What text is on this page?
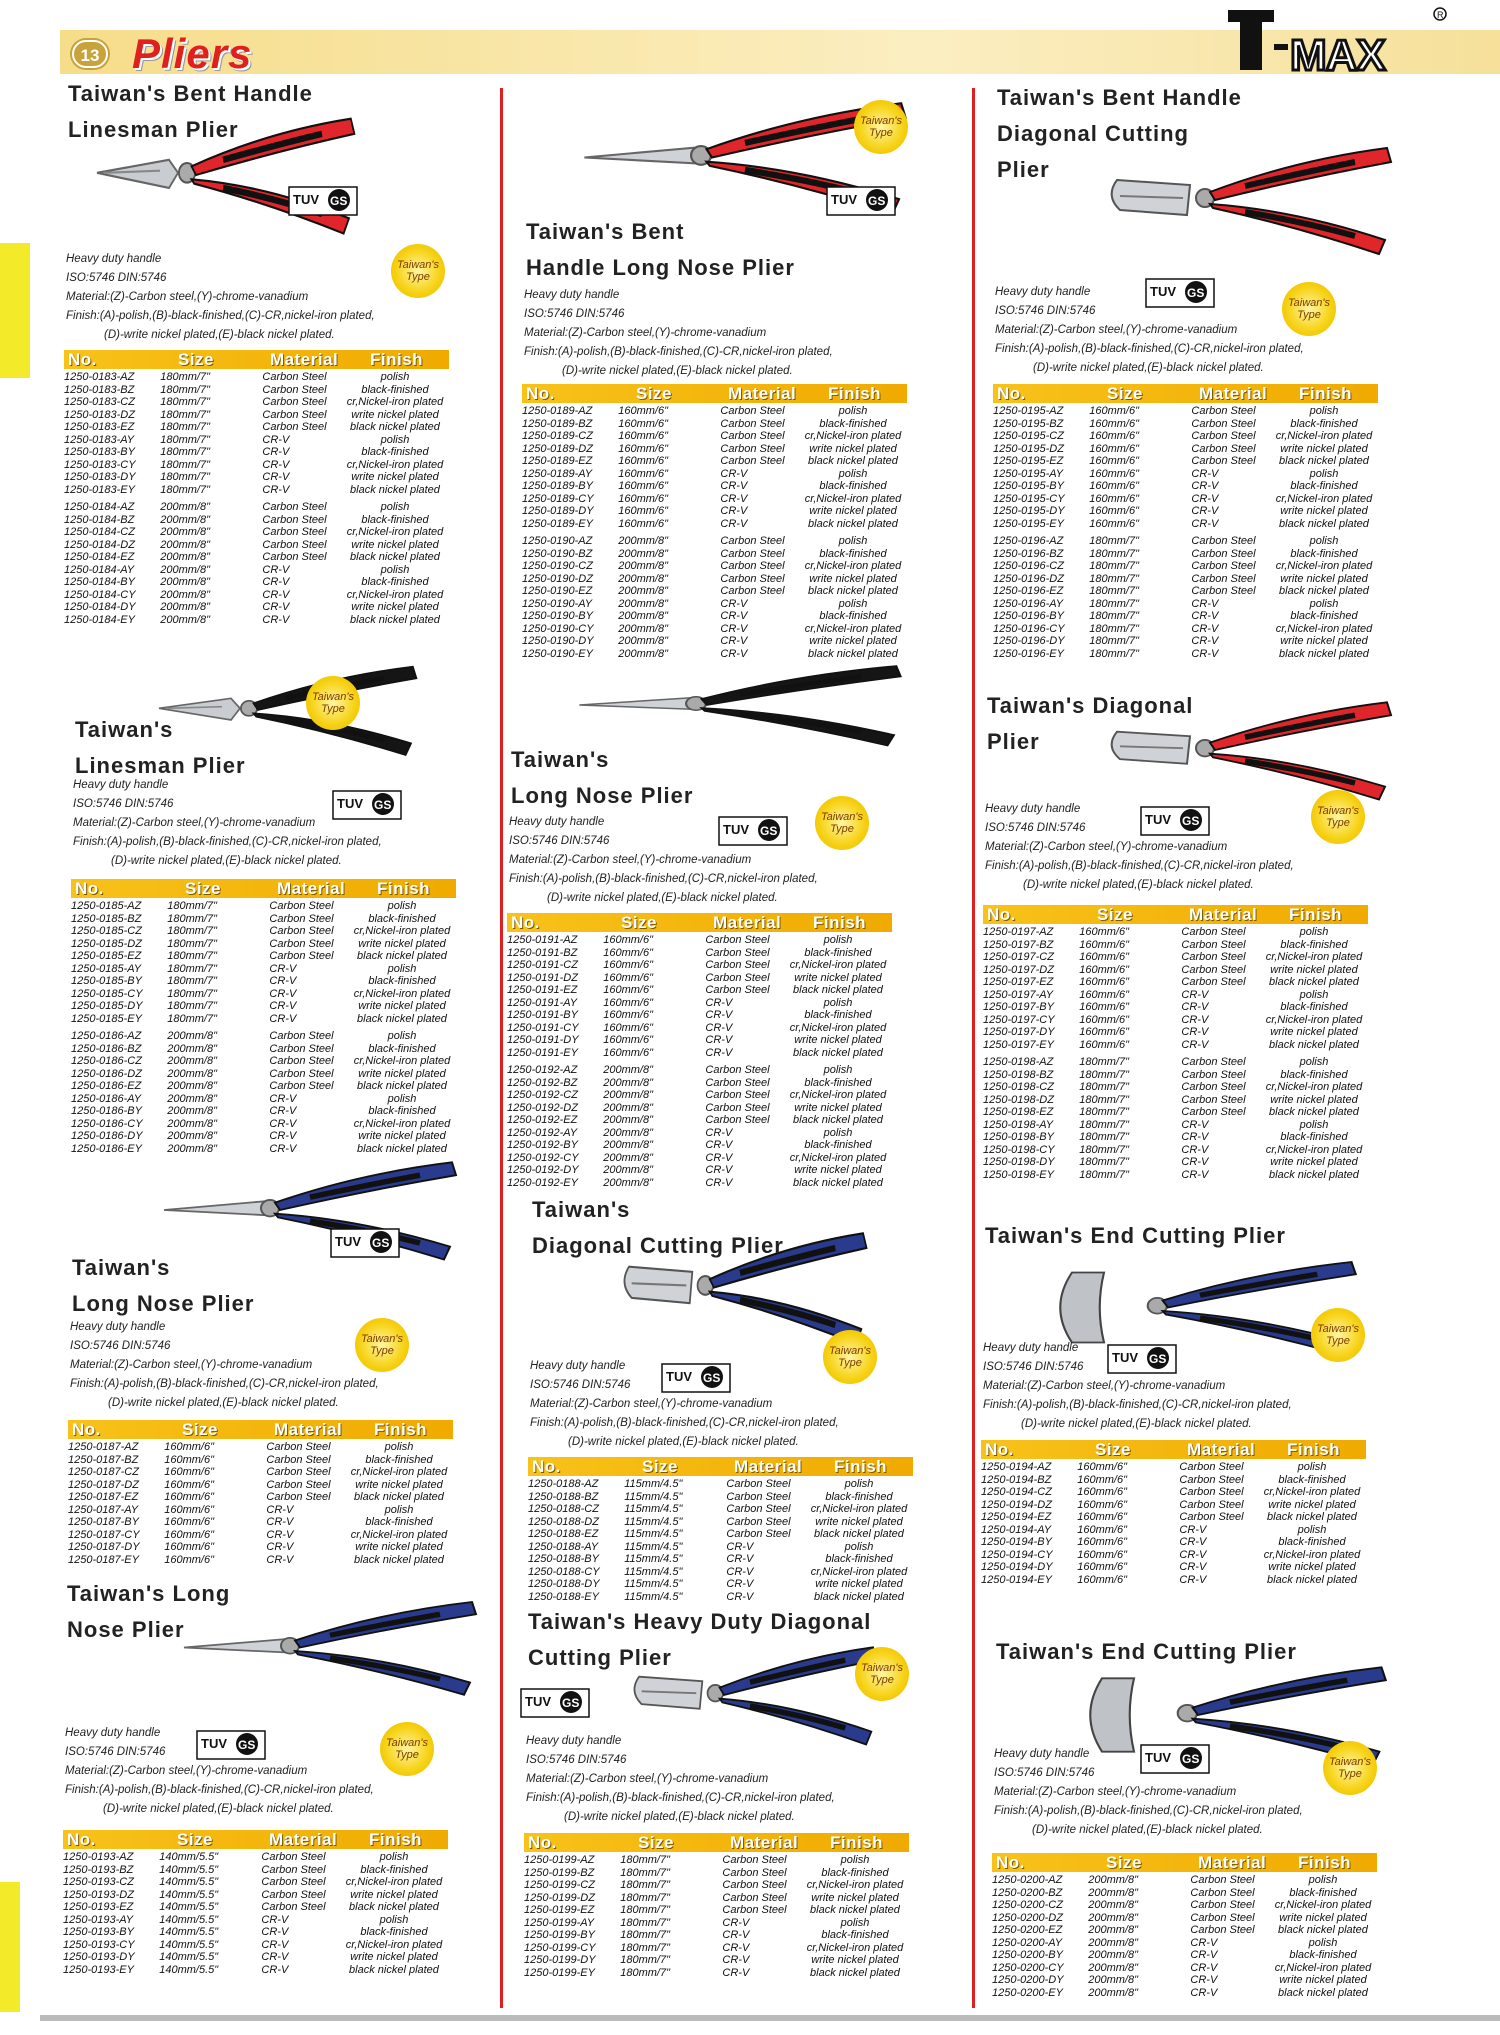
13 Pliers	MAX
R
TUV GS
Taiwan's Type
Taiwan's Bent Handle
Linesman Plier
Heavy duty handle
ISO:5746 DIN:5746
Material:(Z)-Carbon steel,(Y)-chrome-vanadium
Finish:(A)-polish,(B)-black-finished,(C)-CR,nickel-iron plated,
(D)-write nickel plated,(E)-black nickel plated.
No.	Size	Material	Finish
1250-0183-AZ	180mm/7"	Carbon Steel	polish
1250-0183-BZ	180mm/7"	Carbon Steel	black-finished
1250-0183-CZ	180mm/7"	Carbon Steel	cr,Nickel-iron plated
1250-0183-DZ	180mm/7"	Carbon Steel	write nickel plated
1250-0183-EZ	180mm/7"	Carbon Steel	black nickel plated
1250-0183-AY	180mm/7"	CR-V	polish
1250-0183-BY	180mm/7"	CR-V	black-finished
1250-0183-CY	180mm/7"	CR-V	cr,Nickel-iron plated
1250-0183-DY	180mm/7"	CR-V	write nickel plated
1250-0183-EY	180mm/7"	CR-V	black nickel plated
1250-0184-AZ	200mm/8"	Carbon Steel	polish
1250-0184-BZ	200mm/8"	Carbon Steel	black-finished
1250-0184-CZ	200mm/8"	Carbon Steel	cr,Nickel-iron plated
1250-0184-DZ	200mm/8"	Carbon Steel	write nickel plated
1250-0184-EZ	200mm/8"	Carbon Steel	black nickel plated
1250-0184-AY	200mm/8"	CR-V	polish
1250-0184-BY	200mm/8"	CR-V	black-finished
1250-0184-CY	200mm/8"	CR-V	cr,Nickel-iron plated
1250-0184-DY	200mm/8"	CR-V	write nickel plated
1250-0184-EY	200mm/8"	CR-V	black nickel plated
TUV GS
Taiwan's Type
Taiwan's Bent
Handle Long Nose Plier
Heavy duty handle
ISO:5746 DIN:5746
Material:(Z)-Carbon steel,(Y)-chrome-vanadium
Finish:(A)-polish,(B)-black-finished,(C)-CR,nickel-iron plated,
(D)-write nickel plated,(E)-black nickel plated.
No.	Size	Material	Finish
1250-0189-AZ	160mm/6"	Carbon Steel	polish
1250-0189-BZ	160mm/6"	Carbon Steel	black-finished
1250-0189-CZ	160mm/6"	Carbon Steel	cr,Nickel-iron plated
1250-0189-DZ	160mm/6"	Carbon Steel	write nickel plated
1250-0189-EZ	160mm/6"	Carbon Steel	black nickel plated
1250-0189-AY	160mm/6"	CR-V	polish
1250-0189-BY	160mm/6"	CR-V	black-finished
1250-0189-CY	160mm/6"	CR-V	cr,Nickel-iron plated
1250-0189-DY	160mm/6"	CR-V	write nickel plated
1250-0189-EY	160mm/6"	CR-V	black nickel plated
1250-0190-AZ	200mm/8"	Carbon Steel	polish
1250-0190-BZ	200mm/8"	Carbon Steel	black-finished
1250-0190-CZ	200mm/8"	Carbon Steel	cr,Nickel-iron plated
1250-0190-DZ	200mm/8"	Carbon Steel	write nickel plated
1250-0190-EZ	200mm/8"	Carbon Steel	black nickel plated
1250-0190-AY	200mm/8"	CR-V	polish
1250-0190-BY	200mm/8"	CR-V	black-finished
1250-0190-CY	200mm/8"	CR-V	cr,Nickel-iron plated
1250-0190-DY	200mm/8"	CR-V	write nickel plated
1250-0190-EY	200mm/8"	CR-V	black nickel plated
TUV GS
Taiwan's Type
Taiwan's Bent Handle
Diagonal Cutting
Plier
Heavy duty handle
ISO:5746 DIN:5746
Material:(Z)-Carbon steel,(Y)-chrome-vanadium
Finish:(A)-polish,(B)-black-finished,(C)-CR,nickel-iron plated,
(D)-write nickel plated,(E)-black nickel plated.
No.	Size	Material	Finish
1250-0195-AZ	160mm/6"	Carbon Steel	polish
1250-0195-BZ	160mm/6"	Carbon Steel	black-finished
1250-0195-CZ	160mm/6"	Carbon Steel	cr,Nickel-iron plated
1250-0195-DZ	160mm/6"	Carbon Steel	write nickel plated
1250-0195-EZ	160mm/6"	Carbon Steel	black nickel plated
1250-0195-AY	160mm/6"	CR-V	polish
1250-0195-BY	160mm/6"	CR-V	black-finished
1250-0195-CY	160mm/6"	CR-V	cr,Nickel-iron plated
1250-0195-DY	160mm/6"	CR-V	write nickel plated
1250-0195-EY	160mm/6"	CR-V	black nickel plated
1250-0196-AZ	180mm/7"	Carbon Steel	polish
1250-0196-BZ	180mm/7"	Carbon Steel	black-finished
1250-0196-CZ	180mm/7"	Carbon Steel	cr,Nickel-iron plated
1250-0196-DZ	180mm/7"	Carbon Steel	write nickel plated
1250-0196-EZ	180mm/7"	Carbon Steel	black nickel plated
1250-0196-AY	180mm/7"	CR-V	polish
1250-0196-BY	180mm/7"	CR-V	black-finished
1250-0196-CY	180mm/7"	CR-V	cr,Nickel-iron plated
1250-0196-DY	180mm/7"	CR-V	write nickel plated
1250-0196-EY	180mm/7"	CR-V	black nickel plated
TUV GS
Taiwan's Type
Taiwan's
Linesman Plier
Heavy duty handle
ISO:5746 DIN:5746
Material:(Z)-Carbon steel,(Y)-chrome-vanadium
Finish:(A)-polish,(B)-black-finished,(C)-CR,nickel-iron plated,
(D)-write nickel plated,(E)-black nickel plated.
No.	Size	Material	Finish
1250-0185-AZ	180mm/7"	Carbon Steel	polish
1250-0185-BZ	180mm/7"	Carbon Steel	black-finished
1250-0185-CZ	180mm/7"	Carbon Steel	cr,Nickel-iron plated
1250-0185-DZ	180mm/7"	Carbon Steel	write nickel plated
1250-0185-EZ	180mm/7"	Carbon Steel	black nickel plated
1250-0185-AY	180mm/7"	CR-V	polish
1250-0185-BY	180mm/7"	CR-V	black-finished
1250-0185-CY	180mm/7"	CR-V	cr,Nickel-iron plated
1250-0185-DY	180mm/7"	CR-V	write nickel plated
1250-0185-EY	180mm/7"	CR-V	black nickel plated
1250-0186-AZ	200mm/8"	Carbon Steel	polish
1250-0186-BZ	200mm/8"	Carbon Steel	black-finished
1250-0186-CZ	200mm/8"	Carbon Steel	cr,Nickel-iron plated
1250-0186-DZ	200mm/8"	Carbon Steel	write nickel plated
1250-0186-EZ	200mm/8"	Carbon Steel	black nickel plated
1250-0186-AY	200mm/8"	CR-V	polish
1250-0186-BY	200mm/8"	CR-V	black-finished
1250-0186-CY	200mm/8"	CR-V	cr,Nickel-iron plated
1250-0186-DY	200mm/8"	CR-V	write nickel plated
1250-0186-EY	200mm/8"	CR-V	black nickel plated
TUV GS
Taiwan's Type
Taiwan's
Long Nose Plier
Heavy duty handle
ISO:5746 DIN:5746
Material:(Z)-Carbon steel,(Y)-chrome-vanadium
Finish:(A)-polish,(B)-black-finished,(C)-CR,nickel-iron plated,
(D)-write nickel plated,(E)-black nickel plated.
No.	Size	Material	Finish
1250-0191-AZ	160mm/6"	Carbon Steel	polish
1250-0191-BZ	160mm/6"	Carbon Steel	black-finished
1250-0191-CZ	160mm/6"	Carbon Steel	cr,Nickel-iron plated
1250-0191-DZ	160mm/6"	Carbon Steel	write nickel plated
1250-0191-EZ	160mm/6"	Carbon Steel	black nickel plated
1250-0191-AY	160mm/6"	CR-V	polish
1250-0191-BY	160mm/6"	CR-V	black-finished
1250-0191-CY	160mm/6"	CR-V	cr,Nickel-iron plated
1250-0191-DY	160mm/6"	CR-V	write nickel plated
1250-0191-EY	160mm/6"	CR-V	black nickel plated
1250-0192-AZ	200mm/8"	Carbon Steel	polish
1250-0192-BZ	200mm/8"	Carbon Steel	black-finished
1250-0192-CZ	200mm/8"	Carbon Steel	cr,Nickel-iron plated
1250-0192-DZ	200mm/8"	Carbon Steel	write nickel plated
1250-0192-EZ	200mm/8"	Carbon Steel	black nickel plated
1250-0192-AY	200mm/8"	CR-V	polish
1250-0192-BY	200mm/8"	CR-V	black-finished
1250-0192-CY	200mm/8"	CR-V	cr,Nickel-iron plated
1250-0192-DY	200mm/8"	CR-V	write nickel plated
1250-0192-EY	200mm/8"	CR-V	black nickel plated
TUV GS
Taiwan's Type
Taiwan's Diagonal
Plier
Heavy duty handle
ISO:5746 DIN:5746
Material:(Z)-Carbon steel,(Y)-chrome-vanadium
Finish:(A)-polish,(B)-black-finished,(C)-CR,nickel-iron plated,
(D)-write nickel plated,(E)-black nickel plated.
No.	Size	Material	Finish
1250-0197-AZ	160mm/6"	Carbon Steel	polish
1250-0197-BZ	160mm/6"	Carbon Steel	black-finished
1250-0197-CZ	160mm/6"	Carbon Steel	cr,Nickel-iron plated
1250-0197-DZ	160mm/6"	Carbon Steel	write nickel plated
1250-0197-EZ	160mm/6"	Carbon Steel	black nickel plated
1250-0197-AY	160mm/6"	CR-V	polish
1250-0197-BY	160mm/6"	CR-V	black-finished
1250-0197-CY	160mm/6"	CR-V	cr,Nickel-iron plated
1250-0197-DY	160mm/6"	CR-V	write nickel plated
1250-0197-EY	160mm/6"	CR-V	black nickel plated
1250-0198-AZ	180mm/7"	Carbon Steel	polish
1250-0198-BZ	180mm/7"	Carbon Steel	black-finished
1250-0198-CZ	180mm/7"	Carbon Steel	cr,Nickel-iron plated
1250-0198-DZ	180mm/7"	Carbon Steel	write nickel plated
1250-0198-EZ	180mm/7"	Carbon Steel	black nickel plated
1250-0198-AY	180mm/7"	CR-V	polish
1250-0198-BY	180mm/7"	CR-V	black-finished
1250-0198-CY	180mm/7"	CR-V	cr,Nickel-iron plated
1250-0198-DY	180mm/7"	CR-V	write nickel plated
1250-0198-EY	180mm/7"	CR-V	black nickel plated
TUV GS
Taiwan's Type
Taiwan's
Long Nose Plier
Heavy duty handle
ISO:5746 DIN:5746
Material:(Z)-Carbon steel,(Y)-chrome-vanadium
Finish:(A)-polish,(B)-black-finished,(C)-CR,nickel-iron plated,
(D)-write nickel plated,(E)-black nickel plated.
No.	Size	Material	Finish
1250-0187-AZ	160mm/6"	Carbon Steel	polish
1250-0187-BZ	160mm/6"	Carbon Steel	black-finished
1250-0187-CZ	160mm/6"	Carbon Steel	cr,Nickel-iron plated
1250-0187-DZ	160mm/6"	Carbon Steel	write nickel plated
1250-0187-EZ	160mm/6"	Carbon Steel	black nickel plated
1250-0187-AY	160mm/6"	CR-V	polish
1250-0187-BY	160mm/6"	CR-V	black-finished
1250-0187-CY	160mm/6"	CR-V	cr,Nickel-iron plated
1250-0187-DY	160mm/6"	CR-V	write nickel plated
1250-0187-EY	160mm/6"	CR-V	black nickel plated
TUV GS
Taiwan's Type
Taiwan's
Diagonal Cutting Plier
Heavy duty handle
ISO:5746 DIN:5746
Material:(Z)-Carbon steel,(Y)-chrome-vanadium
Finish:(A)-polish,(B)-black-finished,(C)-CR,nickel-iron plated,
(D)-write nickel plated,(E)-black nickel plated.
No.	Size	Material	Finish
1250-0188-AZ	115mm/4.5"	Carbon Steel	polish
1250-0188-BZ	115mm/4.5"	Carbon Steel	black-finished
1250-0188-CZ	115mm/4.5"	Carbon Steel	cr,Nickel-iron plated
1250-0188-DZ	115mm/4.5"	Carbon Steel	write nickel plated
1250-0188-EZ	115mm/4.5"	Carbon Steel	black nickel plated
1250-0188-AY	115mm/4.5"	CR-V	polish
1250-0188-BY	115mm/4.5"	CR-V	black-finished
1250-0188-CY	115mm/4.5"	CR-V	cr,Nickel-iron plated
1250-0188-DY	115mm/4.5"	CR-V	write nickel plated
1250-0188-EY	115mm/4.5"	CR-V	black nickel plated
TUV GS
Taiwan's Type
Taiwan's End Cutting Plier
Heavy duty handle
ISO:5746 DIN:5746
Material:(Z)-Carbon steel,(Y)-chrome-vanadium
Finish:(A)-polish,(B)-black-finished,(C)-CR,nickel-iron plated,
(D)-write nickel plated,(E)-black nickel plated.
No.	Size	Material	Finish
1250-0194-AZ	160mm/6"	Carbon Steel	polish
1250-0194-BZ	160mm/6"	Carbon Steel	black-finished
1250-0194-CZ	160mm/6"	Carbon Steel	cr,Nickel-iron plated
1250-0194-DZ	160mm/6"	Carbon Steel	write nickel plated
1250-0194-EZ	160mm/6"	Carbon Steel	black nickel plated
1250-0194-AY	160mm/6"	CR-V	polish
1250-0194-BY	160mm/6"	CR-V	black-finished
1250-0194-CY	160mm/6"	CR-V	cr,Nickel-iron plated
1250-0194-DY	160mm/6"	CR-V	write nickel plated
1250-0194-EY	160mm/6"	CR-V	black nickel plated
TUV GS	Taiwan's Type
Taiwan's Long
Nose Plier
Heavy duty handle
ISO:5746 DIN:5746
Material:(Z)-Carbon steel,(Y)-chrome-vanadium
Finish:(A)-polish,(B)-black-finished,(C)-CR,nickel-iron plated,
(D)-write nickel plated,(E)-black nickel plated.
No.	Size	Material	Finish
1250-0193-AZ	140mm/5.5"	Carbon Steel	polish
1250-0193-BZ	140mm/5.5"	Carbon Steel	black-finished
1250-0193-CZ	140mm/5.5"	Carbon Steel	cr,Nickel-iron plated
1250-0193-DZ	140mm/5.5"	Carbon Steel	write nickel plated
1250-0193-EZ	140mm/5.5"	Carbon Steel	black nickel plated
1250-0193-AY	140mm/5.5"	CR-V	polish
1250-0193-BY	140mm/5.5"	CR-V	black-finished
1250-0193-CY	140mm/5.5"	CR-V	cr,Nickel-iron plated
1250-0193-DY	140mm/5.5"	CR-V	write nickel plated
1250-0193-EY	140mm/5.5"	CR-V	black nickel plated
TUV GS
Taiwan's Type
Taiwan's Heavy Duty Diagonal
Cutting Plier
Heavy duty handle
ISO:5746 DIN:5746
Material:(Z)-Carbon steel,(Y)-chrome-vanadium
Finish:(A)-polish,(B)-black-finished,(C)-CR,nickel-iron plated,
(D)-write nickel plated,(E)-black nickel plated.
No.	Size	Material	Finish
1250-0199-AZ	180mm/7"	Carbon Steel	polish
1250-0199-BZ	180mm/7"	Carbon Steel	black-finished
1250-0199-CZ	180mm/7"	Carbon Steel	cr,Nickel-iron plated
1250-0199-DZ	180mm/7"	Carbon Steel	write nickel plated
1250-0199-EZ	180mm/7"	Carbon Steel	black nickel plated
1250-0199-AY	180mm/7"	CR-V	polish
1250-0199-BY	180mm/7"	CR-V	black-finished
1250-0199-CY	180mm/7"	CR-V	cr,Nickel-iron plated
1250-0199-DY	180mm/7"	CR-V	write nickel plated
1250-0199-EY	180mm/7"	CR-V	black nickel plated
TUV GS	Taiwan's Type
Taiwan's End Cutting Plier
Heavy duty handle
ISO:5746 DIN:5746
Material:(Z)-Carbon steel,(Y)-chrome-vanadium
Finish:(A)-polish,(B)-black-finished,(C)-CR,nickel-iron plated,
(D)-write nickel plated,(E)-black nickel plated.
No.	Size	Material	Finish
1250-0200-AZ	200mm/8"	Carbon Steel	polish
1250-0200-BZ	200mm/8"	Carbon Steel	black-finished
1250-0200-CZ	200mm/8"	Carbon Steel	cr,Nickel-iron plated
1250-0200-DZ	200mm/8"	Carbon Steel	write nickel plated
1250-0200-EZ	200mm/8"	Carbon Steel	black nickel plated
1250-0200-AY	200mm/8"	CR-V	polish
1250-0200-BY	200mm/8"	CR-V	black-finished
1250-0200-CY	200mm/8"	CR-V	cr,Nickel-iron plated
1250-0200-DY	200mm/8"	CR-V	write nickel plated
1250-0200-EY	200mm/8"	CR-V	black nickel plated
